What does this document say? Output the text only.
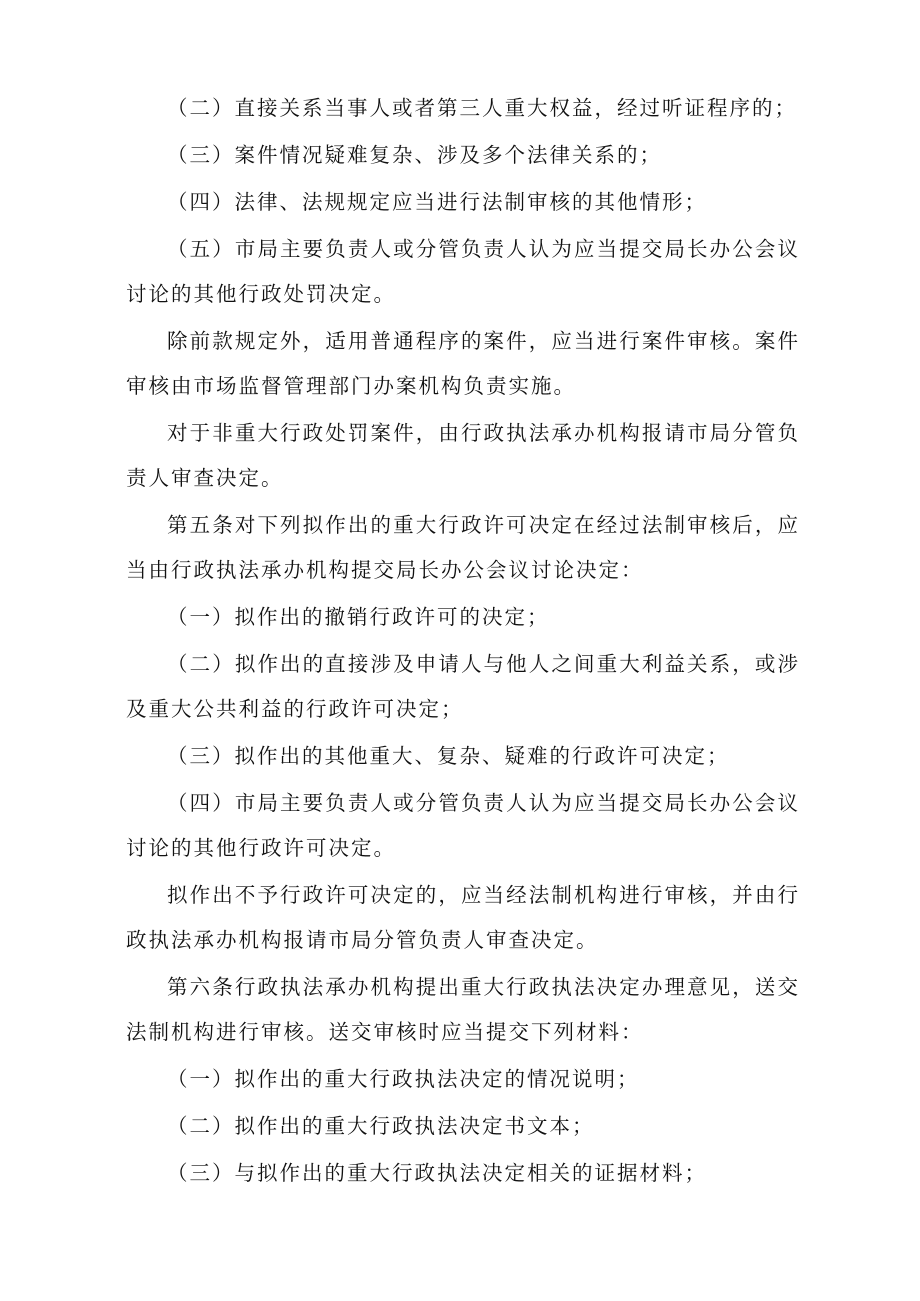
（二）直接关系当事人或者第三人重大权益，经过听证程序的；

（三）案件情况疑难复杂、涉及多个法律关系的；

（四）法律、法规规定应当进行法制审核的其他情形；

（五）市局主要负责人或分管负责人认为应当提交局长办公会议讨论的其他行政处罚决定。

除前款规定外，适用普通程序的案件，应当进行案件审核。案件审核由市场监督管理部门办案机构负责实施。

对于非重大行政处罚案件，由行政执法承办机构报请市局分管负责人审查决定。

第五条对下列拟作出的重大行政许可决定在经过法制审核后，应当由行政执法承办机构提交局长办公会议讨论决定：

（一）拟作出的撤销行政许可的决定；

（二）拟作出的直接涉及申请人与他人之间重大利益关系，或涉及重大公共利益的行政许可决定；

（三）拟作出的其他重大、复杂、疑难的行政许可决定；

（四）市局主要负责人或分管负责人认为应当提交局长办公会议讨论的其他行政许可决定。

拟作出不予行政许可决定的，应当经法制机构进行审核，并由行政执法承办机构报请市局分管负责人审查决定。

第六条行政执法承办机构提出重大行政执法决定办理意见，送交法制机构进行审核。送交审核时应当提交下列材料：

（一）拟作出的重大行政执法决定的情况说明；

（二）拟作出的重大行政执法决定书文本；

（三）与拟作出的重大行政执法决定相关的证据材料；
